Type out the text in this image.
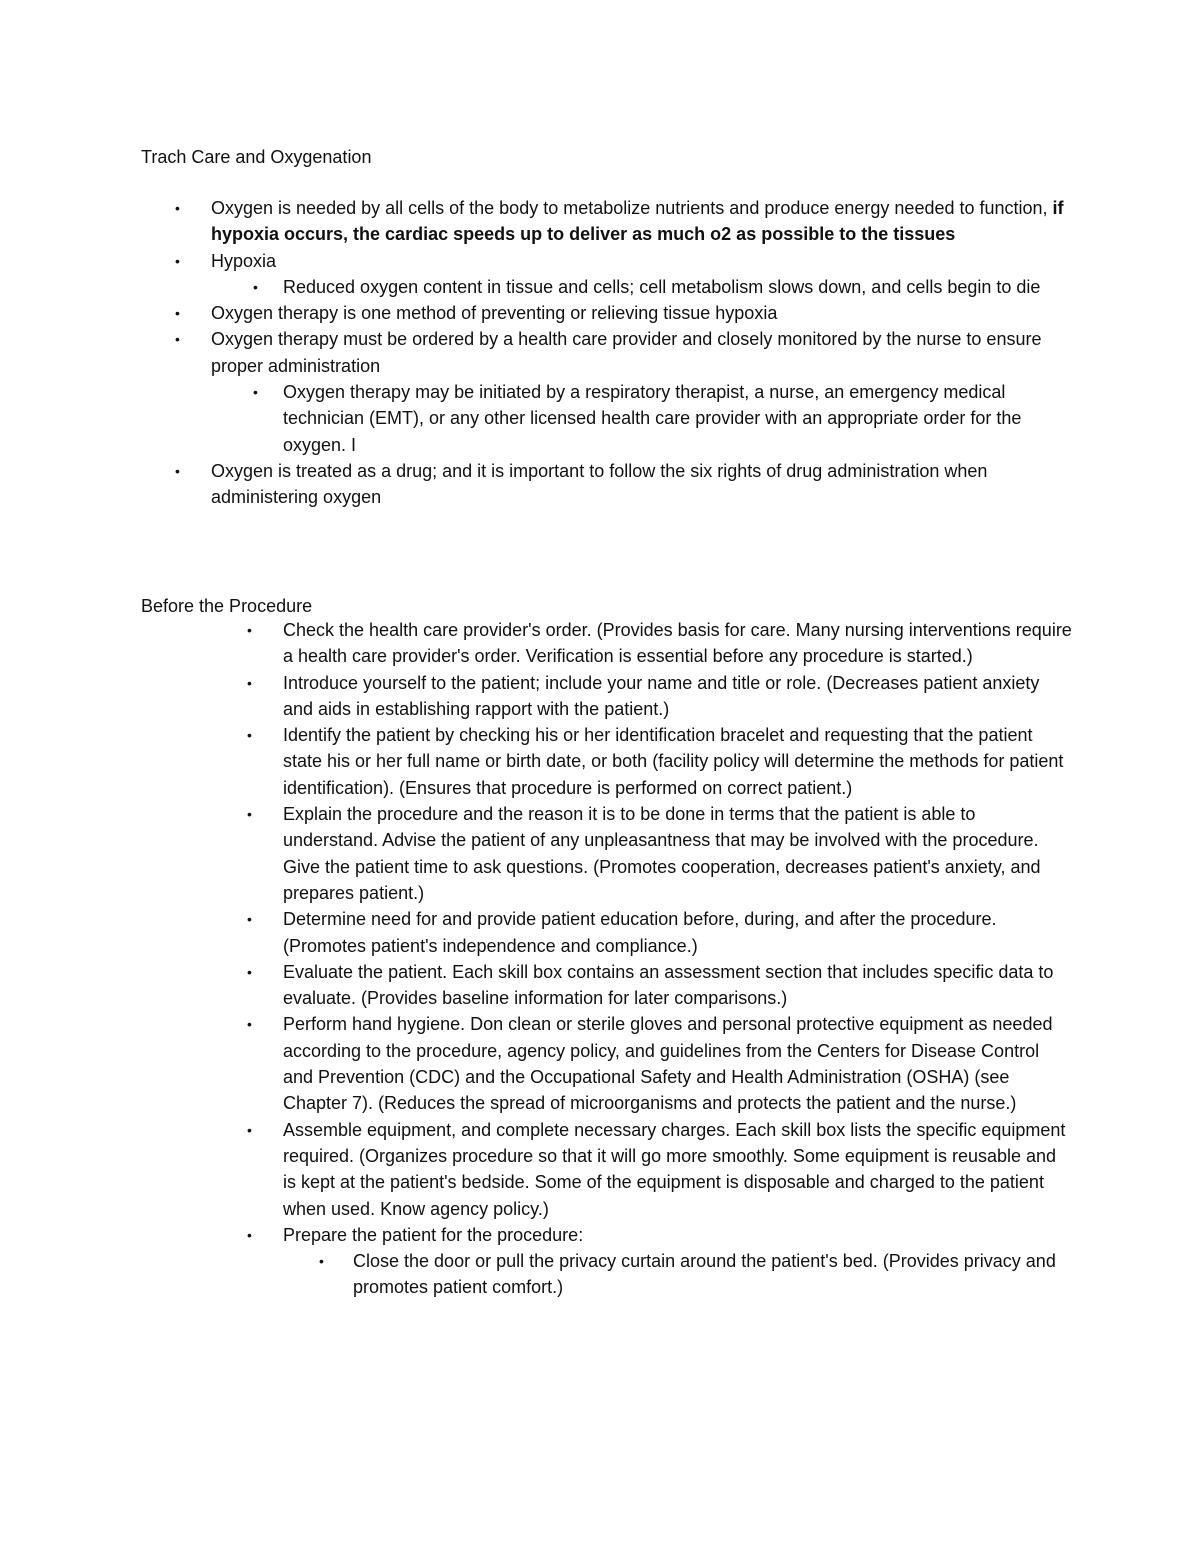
Trach Care and Oxygenation
• Oxygen is needed by all cells of the body to metabolize nutrients and produce energy needed to function, if hypoxia occurs, the cardiac speeds up to deliver as much o2 as possible to the tissues
• Hypoxia
• Reduced oxygen content in tissue and cells; cell metabolism slows down, and cells begin to die
• Oxygen therapy is one method of preventing or relieving tissue hypoxia
• Oxygen therapy must be ordered by a health care provider and closely monitored by the nurse to ensure proper administration
• Oxygen therapy may be initiated by a respiratory therapist, a nurse, an emergency medical technician (EMT), or any other licensed health care provider with an appropriate order for the oxygen. I
• Oxygen is treated as a drug; and it is important to follow the six rights of drug administration when administering oxygen
Before the Procedure
• Check the health care provider's order. (Provides basis for care. Many nursing interventions require a health care provider's order. Verification is essential before any procedure is started.)
• Introduce yourself to the patient; include your name and title or role. (Decreases patient anxiety and aids in establishing rapport with the patient.)
• Identify the patient by checking his or her identification bracelet and requesting that the patient state his or her full name or birth date, or both (facility policy will determine the methods for patient identification). (Ensures that procedure is performed on correct patient.)
• Explain the procedure and the reason it is to be done in terms that the patient is able to understand. Advise the patient of any unpleasantness that may be involved with the procedure. Give the patient time to ask questions. (Promotes cooperation, decreases patient's anxiety, and prepares patient.)
• Determine need for and provide patient education before, during, and after the procedure. (Promotes patient's independence and compliance.)
• Evaluate the patient. Each skill box contains an assessment section that includes specific data to evaluate. (Provides baseline information for later comparisons.)
• Perform hand hygiene. Don clean or sterile gloves and personal protective equipment as needed according to the procedure, agency policy, and guidelines from the Centers for Disease Control and Prevention (CDC) and the Occupational Safety and Health Administration (OSHA) (see Chapter 7). (Reduces the spread of microorganisms and protects the patient and the nurse.)
• Assemble equipment, and complete necessary charges. Each skill box lists the specific equipment required. (Organizes procedure so that it will go more smoothly. Some equipment is reusable and is kept at the patient's bedside. Some of the equipment is disposable and charged to the patient when used. Know agency policy.)
• Prepare the patient for the procedure:
• Close the door or pull the privacy curtain around the patient's bed. (Provides privacy and promotes patient comfort.)
